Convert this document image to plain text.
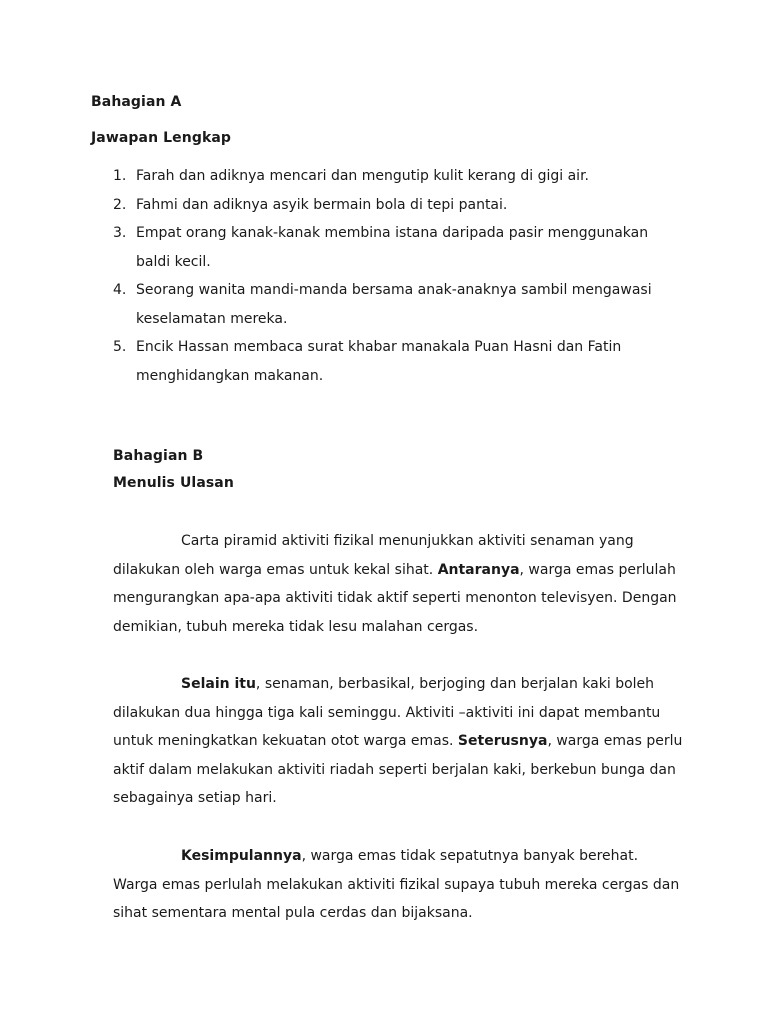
Bahagian A
Jawapan Lengkap
1. Farah dan adiknya mencari dan mengutip kulit kerang di gigi air.
2. Fahmi dan adiknya asyik bermain bola di tepi pantai.
3. Empat orang kanak-kanak membina istana daripada pasir menggunakan baldi kecil.
4. Seorang wanita mandi-manda bersama anak-anaknya sambil mengawasi keselamatan mereka.
5. Encik Hassan membaca surat khabar manakala Puan Hasni dan Fatin menghidangkan makanan.
Bahagian B
Menulis Ulasan

Carta piramid aktiviti fizikal menunjukkan aktiviti senaman yang dilakukan oleh warga emas untuk kekal sihat. Antaranya, warga emas perlulah mengurangkan apa-apa aktiviti tidak aktif seperti menonton televisyen. Dengan demikian, tubuh mereka tidak lesu malahan cergas.

Selain itu, senaman, berbasikal, berjoging dan berjalan kaki boleh dilakukan dua hingga tiga kali seminggu. Aktiviti –aktiviti ini dapat membantu untuk meningkatkan kekuatan otot warga emas. Seterusnya, warga emas perlu aktif dalam melakukan aktiviti riadah seperti berjalan kaki, berkebun bunga dan sebagainya setiap hari.

Kesimpulannya, warga emas tidak sepatutnya banyak berehat. Warga emas perlulah melakukan aktiviti fizikal supaya tubuh mereka cergas dan sihat sementara mental pula cerdas dan bijaksana.
